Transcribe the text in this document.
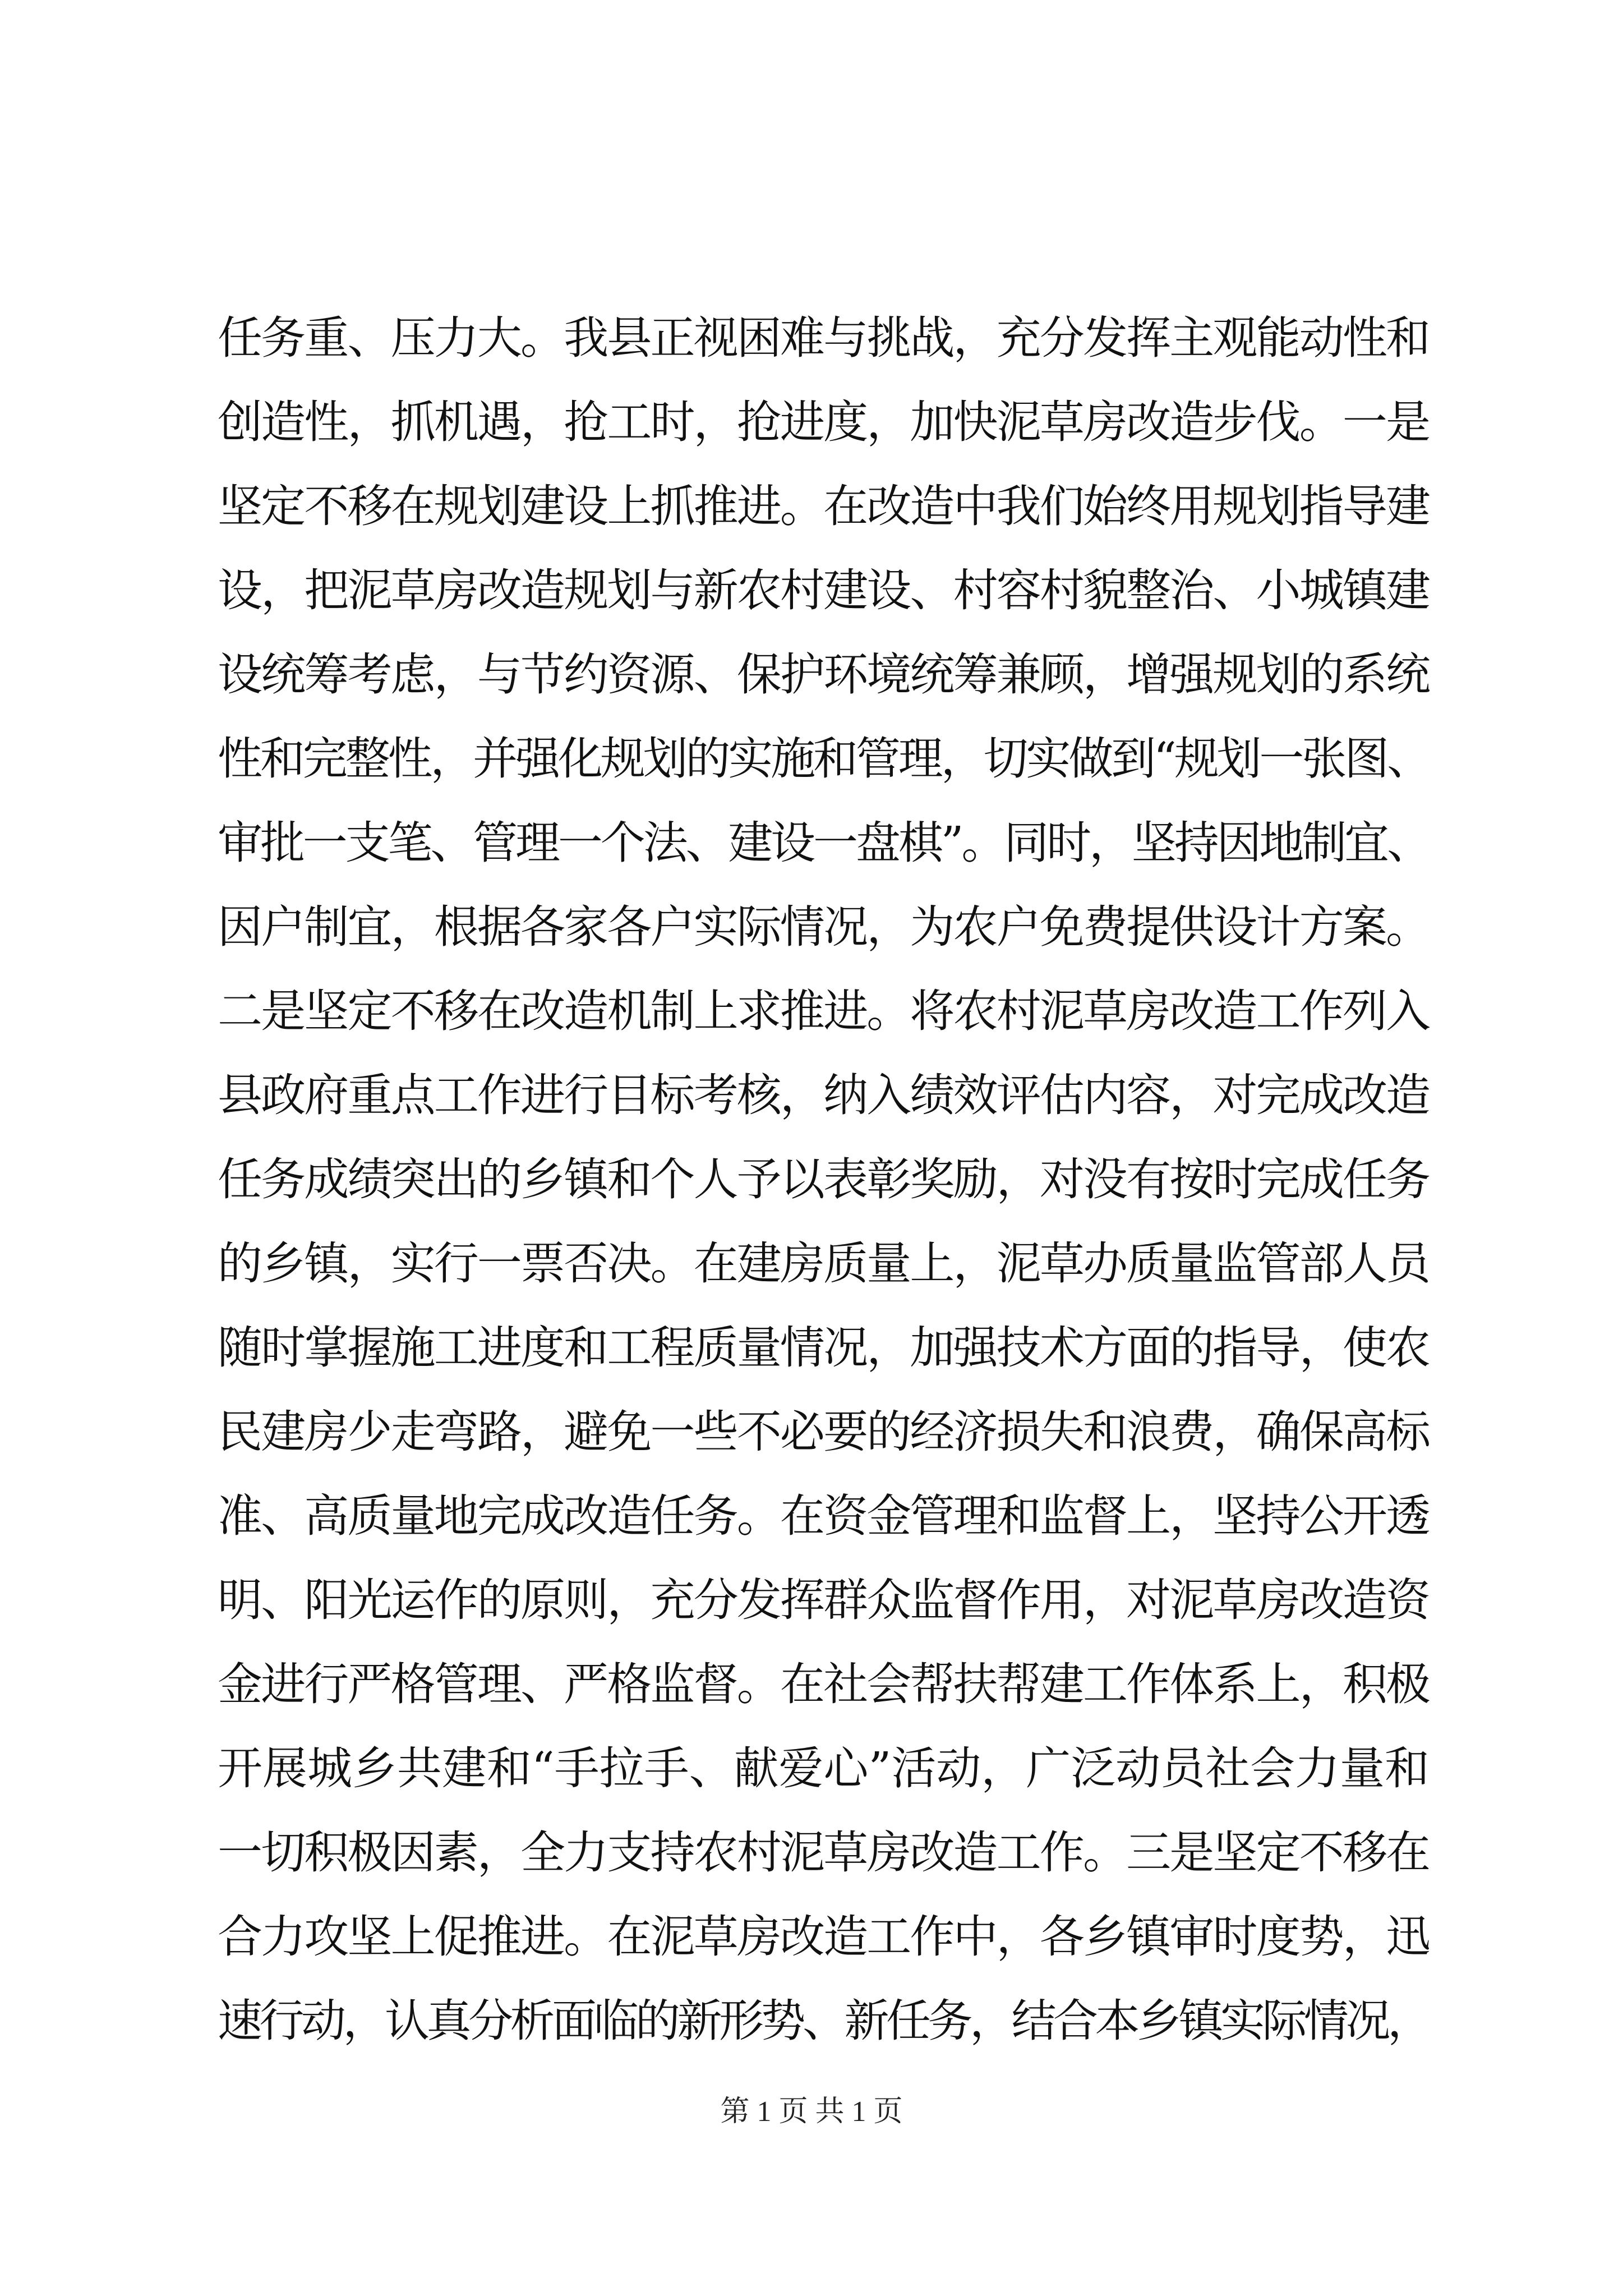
任务重、压力大。我县正视困难与挑战，充分发挥主观能动性和
创造性，抓机遇，抢工时，抢进度，加快泥草房改造步伐。一是
坚定不移在规划建设上抓推进。在改造中我们始终用规划指导建
设，把泥草房改造规划与新农村建设、村容村貌整治、小城镇建
设统筹考虑，与节约资源、保护环境统筹兼顾，增强规划的系统
性和完整性，并强化规划的实施和管理，切实做到“规划一张图、
审批一支笔、管理一个法、建设一盘棋”。同时，坚持因地制宜、
因户制宜，根据各家各户实际情况，为农户免费提供设计方案。
二是坚定不移在改造机制上求推进。将农村泥草房改造工作列入
县政府重点工作进行目标考核，纳入绩效评估内容，对完成改造
任务成绩突出的乡镇和个人予以表彰奖励，对没有按时完成任务
的乡镇，实行一票否决。在建房质量上，泥草办质量监管部人员
随时掌握施工进度和工程质量情况，加强技术方面的指导，使农
民建房少走弯路，避免一些不必要的经济损失和浪费，确保高标
准、高质量地完成改造任务。在资金管理和监督上，坚持公开透
明、阳光运作的原则，充分发挥群众监督作用，对泥草房改造资
金进行严格管理、严格监督。在社会帮扶帮建工作体系上，积极
开展城乡共建和“手拉手、献爱心”活动，广泛动员社会力量和
一切积极因素，全力支持农村泥草房改造工作。三是坚定不移在
合力攻坚上促推进。在泥草房改造工作中，各乡镇审时度势，迅
速行动，认真分析面临的新形势、新任务，结合本乡镇实际情况，
第 1 页 共 1 页
